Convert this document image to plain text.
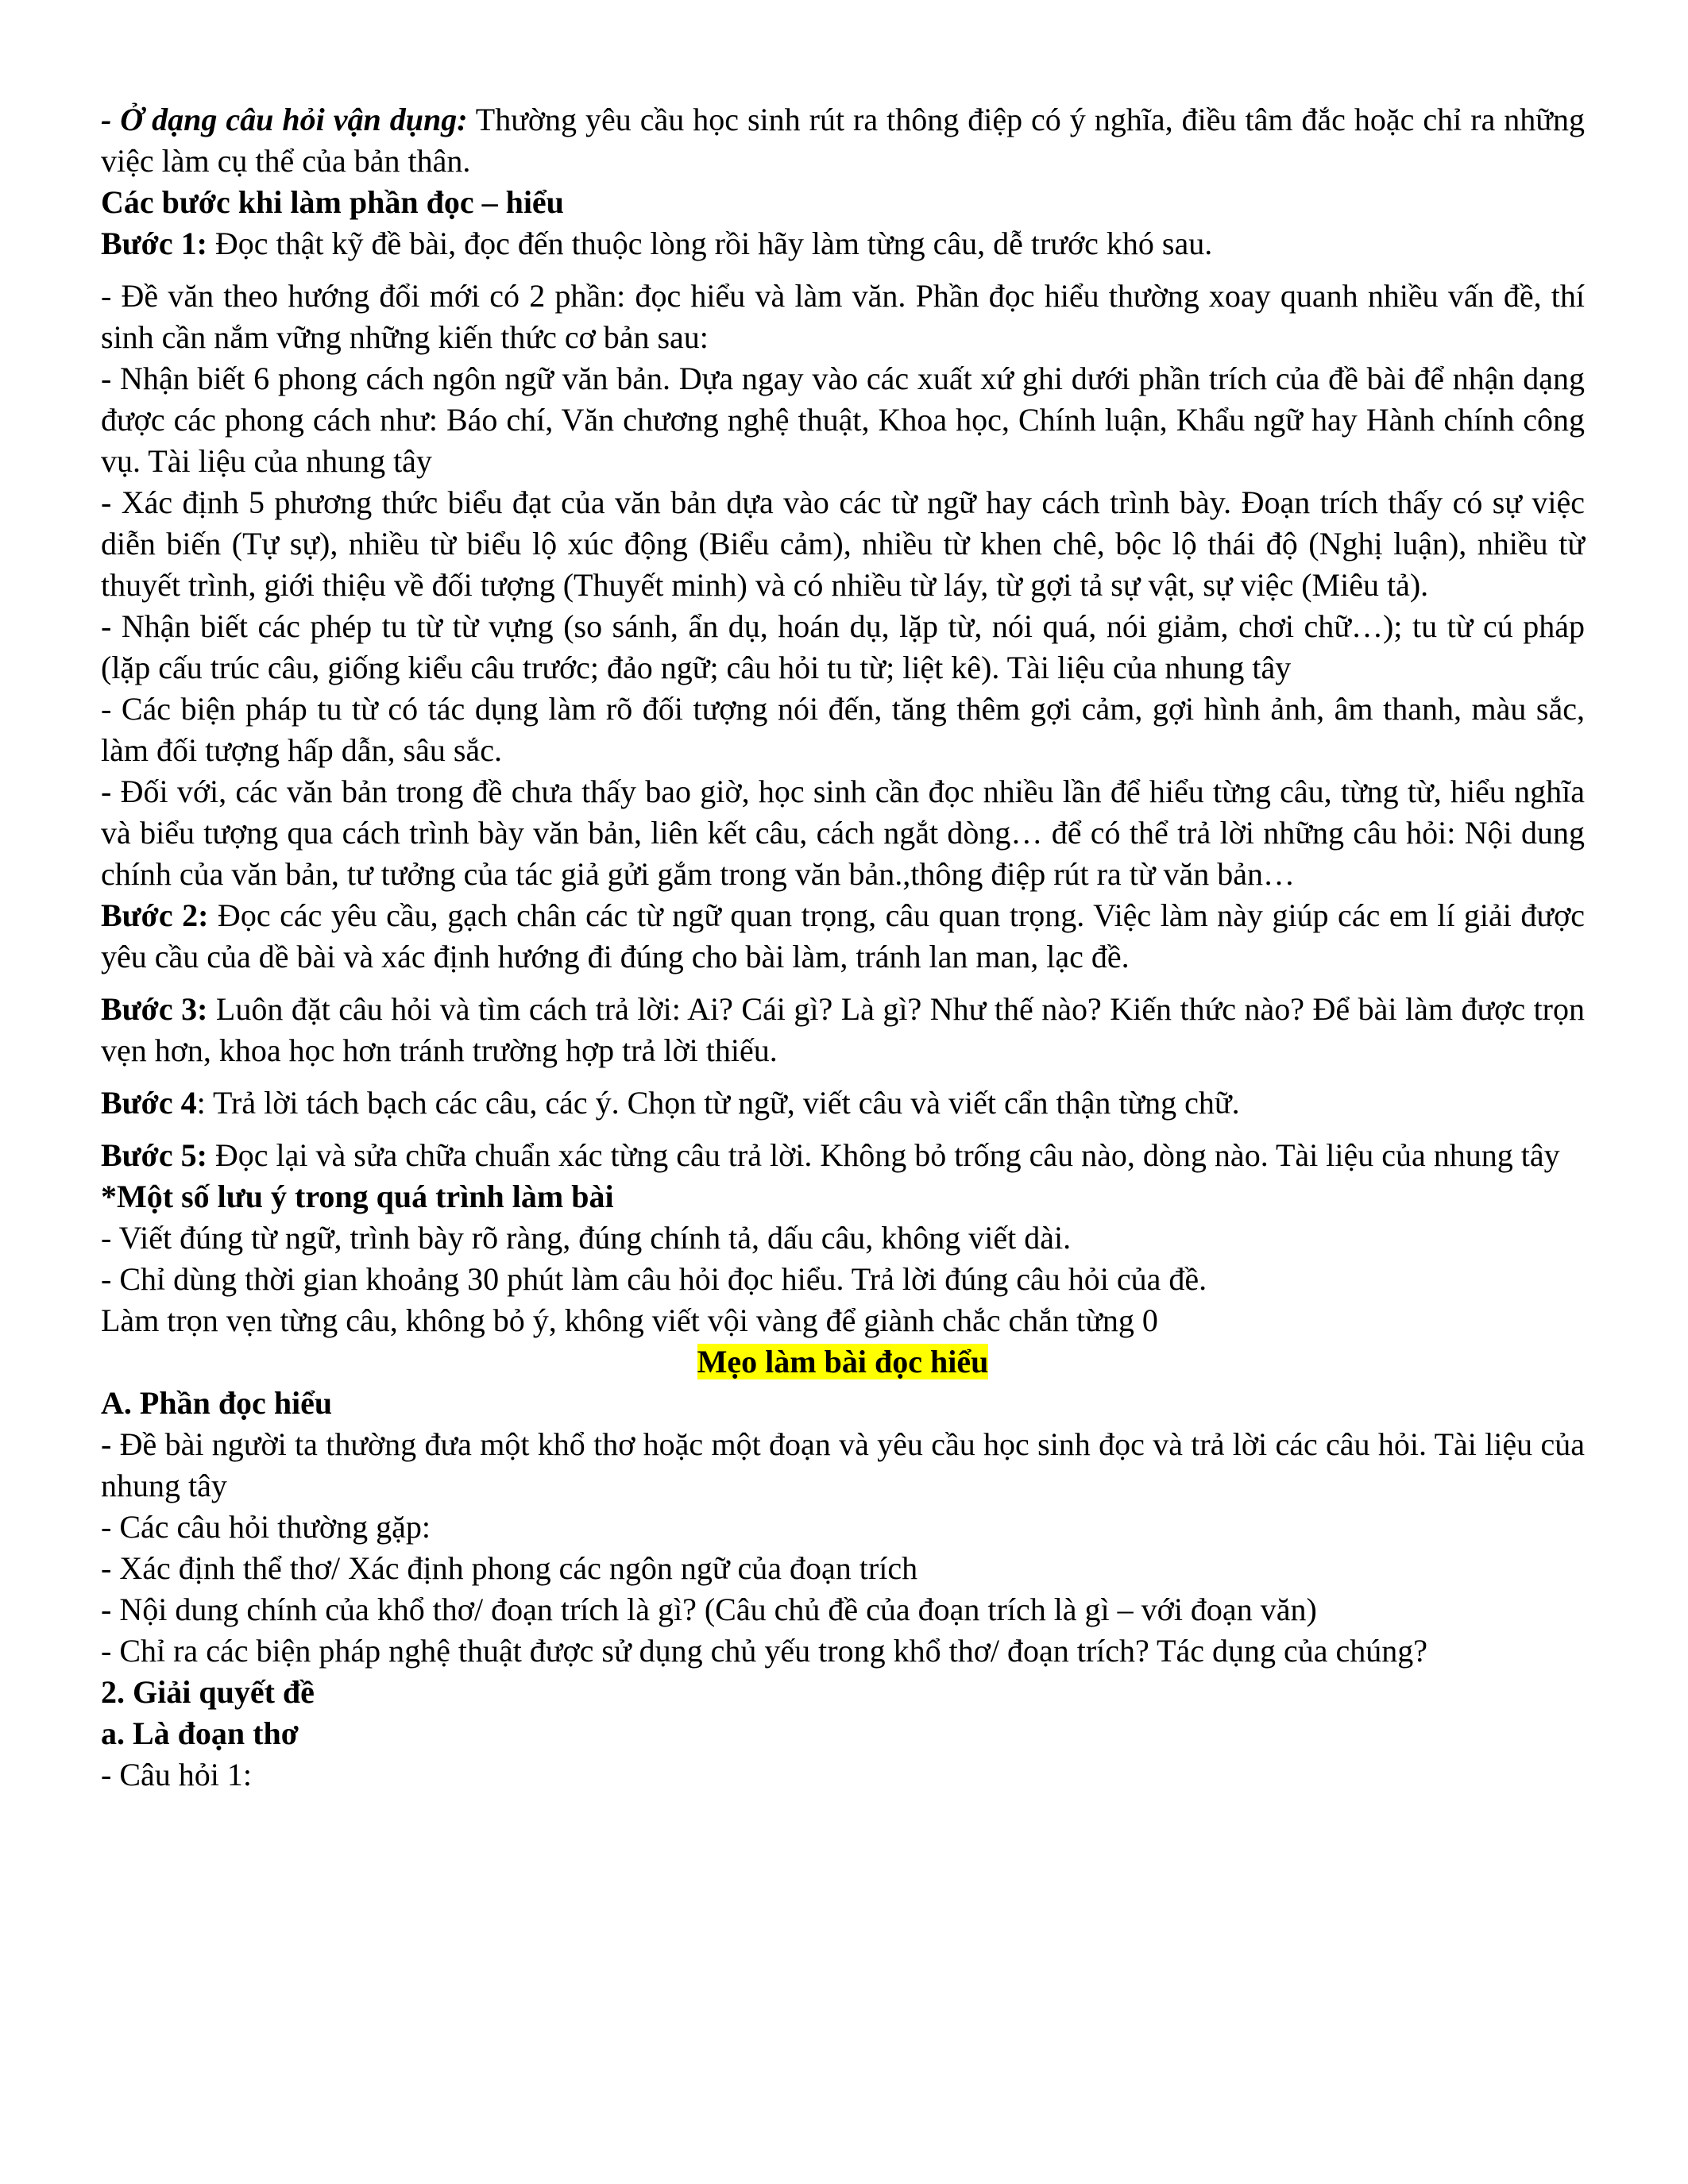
- Ở dạng câu hỏi vận dụng: Thường yêu cầu học sinh rút ra thông điệp có ý nghĩa, điều tâm đắc hoặc chỉ ra những việc làm cụ thể của bản thân.

Các bước khi làm phần đọc – hiểu

Bước 1: Đọc thật kỹ đề bài, đọc đến thuộc lòng rồi hãy làm từng câu, dễ trước khó sau.

- Đề văn theo hướng đổi mới có 2 phần: đọc hiểu và làm văn. Phần đọc hiểu thường xoay quanh nhiều vấn đề, thí sinh cần nắm vững những kiến thức cơ bản sau:

- Nhận biết 6 phong cách ngôn ngữ văn bản. Dựa ngay vào các xuất xứ ghi dưới phần trích của đề bài để nhận dạng được các phong cách như: Báo chí, Văn chương nghệ thuật, Khoa học, Chính luận, Khẩu ngữ hay Hành chính công vụ. Tài liệu của nhung tây

- Xác định 5 phương thức biểu đạt của văn bản dựa vào các từ ngữ hay cách trình bày. Đoạn trích thấy có sự việc diễn biến (Tự sự), nhiều từ biểu lộ xúc động (Biểu cảm), nhiều từ khen chê, bộc lộ thái độ (Nghị luận), nhiều từ thuyết trình, giới thiệu về đối tượng (Thuyết minh) và có nhiều từ láy, từ gợi tả sự vật, sự việc (Miêu tả).

- Nhận biết các phép tu từ từ vựng (so sánh, ẩn dụ, hoán dụ, lặp từ, nói quá, nói giảm, chơi chữ…); tu từ cú pháp (lặp cấu trúc câu, giống kiểu câu trước; đảo ngữ; câu hỏi tu từ; liệt kê). Tài liệu của nhung tây

- Các biện pháp tu từ có tác dụng làm rõ đối tượng nói đến, tăng thêm gợi cảm, gợi hình ảnh, âm thanh, màu sắc, làm đối tượng hấp dẫn, sâu sắc.

- Đối với, các văn bản trong đề chưa thấy bao giờ, học sinh cần đọc nhiều lần để hiểu từng câu, từng từ, hiểu nghĩa và biểu tượng qua cách trình bày văn bản, liên kết câu, cách ngắt dòng… để có thể trả lời những câu hỏi: Nội dung chính của văn bản, tư tưởng của tác giả gửi gắm trong văn bản.,thông điệp rút ra từ văn bản…

Bước 2: Đọc các yêu cầu, gạch chân các từ ngữ quan trọng, câu quan trọng. Việc làm này giúp các em lí giải được yêu cầu của dề bài và xác định hướng đi đúng cho bài làm, tránh lan man, lạc đề.

Bước 3: Luôn đặt câu hỏi và tìm cách trả lời: Ai? Cái gì? Là gì? Như thế nào? Kiến thức nào? Để bài làm được trọn vẹn hơn, khoa học hơn tránh trường hợp trả lời thiếu.

Bước 4: Trả lời tách bạch các câu, các ý. Chọn từ ngữ, viết câu và viết cẩn thận từng chữ.

Bước 5: Đọc lại và sửa chữa chuẩn xác từng câu trả lời. Không bỏ trống câu nào, dòng nào. Tài liệu của nhung tây

*Một số lưu ý trong quá trình làm bài

- Viết đúng từ ngữ, trình bày rõ ràng, đúng chính tả, dấu câu, không viết dài.

- Chỉ dùng thời gian khoảng 30 phút làm câu hỏi đọc hiểu. Trả lời đúng câu hỏi của đề.

Làm trọn vẹn từng câu, không bỏ ý, không viết vội vàng để giành chắc chắn từng 0

Mẹo làm bài đọc hiểu

A. Phần đọc hiểu

- Đề bài người ta thường đưa một khổ thơ hoặc một đoạn và yêu cầu học sinh đọc và trả lời các câu hỏi. Tài liệu của nhung tây

- Các câu hỏi thường gặp:

- Xác định thể thơ/ Xác định phong các ngôn ngữ của đoạn trích

- Nội dung chính của khổ thơ/ đoạn trích là gì? (Câu chủ đề của đoạn trích là gì – với đoạn văn)

- Chỉ ra các biện pháp nghệ thuật được sử dụng chủ yếu trong khổ thơ/ đoạn trích? Tác dụng của chúng?

2. Giải quyết đề

a. Là đoạn thơ

- Câu hỏi 1:
